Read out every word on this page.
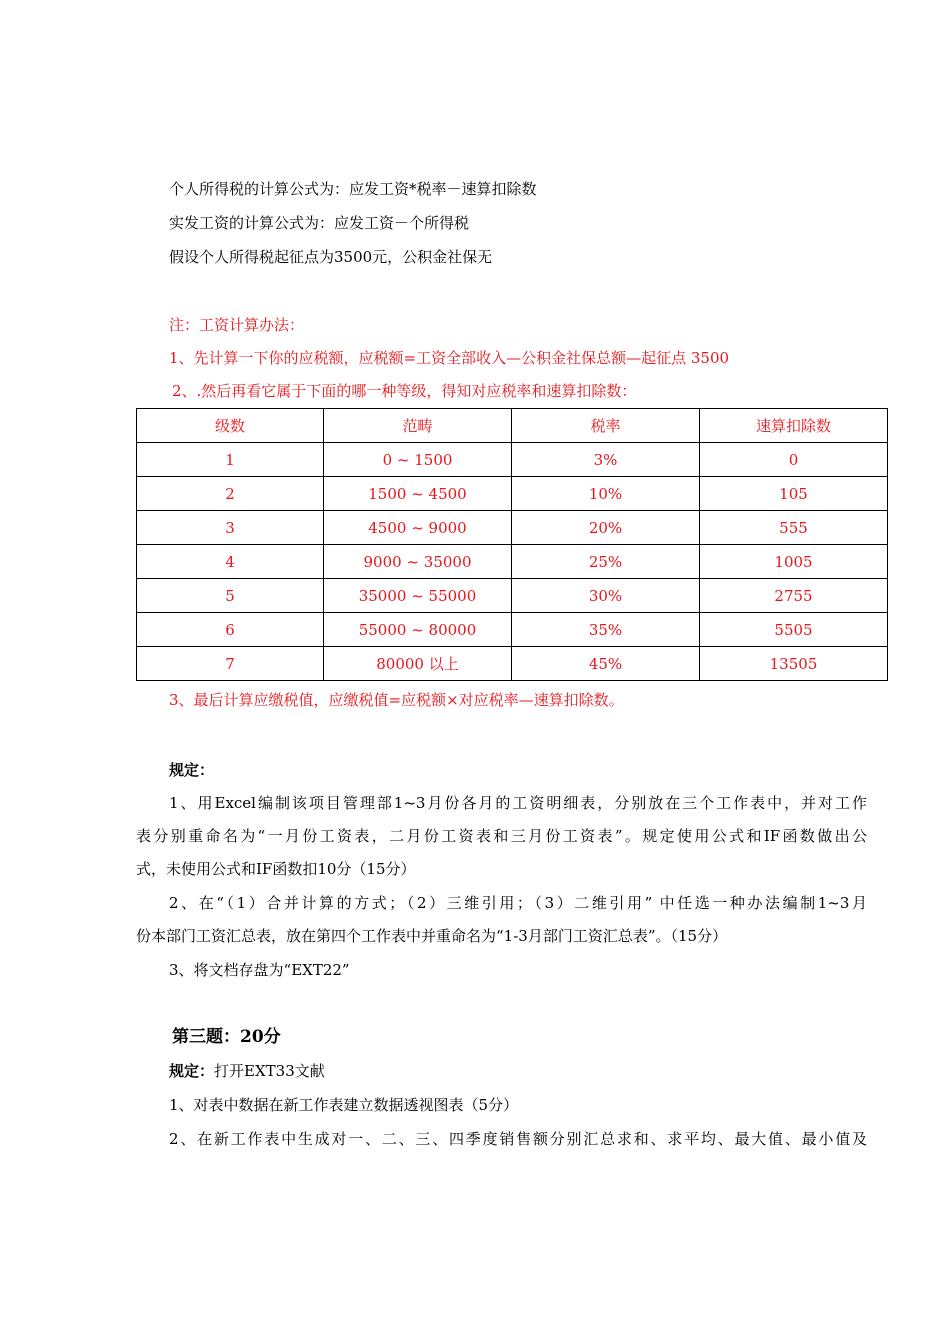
个人所得税的计算公式为：应发工资*税率－速算扣除数
实发工资的计算公式为：应发工资－个所得税
假设个人所得税起征点为3500元，公积金社保无
注：工资计算办法：
1、先计算一下你的应税额，应税额=工资全部收入—公积金社保总额—起征点 3500
2、.然后再看它属于下面的哪一种等级，得知对应税率和速算扣除数：
级数	范畴	税率	速算扣除数
1	0 ~ 1500	3%	0
2	1500 ~ 4500	10%	105
3	4500 ~ 9000	20%	555
4	9000 ~ 35000	25%	1005
5	35000 ~ 55000	30%	2755
6	55000 ~ 80000	35%	5505
7	80000 以上	45%	13505
3、最后计算应缴税值，应缴税值=应税额×对应税率—速算扣除数。
规定：
1、用Excel编制该项目管理部1~3月份各月的工资明细表，分别放在三个工作表中，并对工作
表分别重命名为“一月份工资表，二月份工资表和三月份工资表”。规定使用公式和IF函数做出公
式，未使用公式和IF函数扣10分（15分）
2、在“（1）合并计算的方式；（2）三维引用；（3）二维引用” 中任选一种办法编制1~3月
份本部门工资汇总表，放在第四个工作表中并重命名为“1-3月部门工资汇总表”。（15分）
3、将文档存盘为“EXT22”
第三题：20分
规定：打开EXT33文献
1、对表中数据在新工作表建立数据透视图表（5分）
2、在新工作表中生成对一、二、三、四季度销售额分别汇总求和、求平均、最大值、最小值及
